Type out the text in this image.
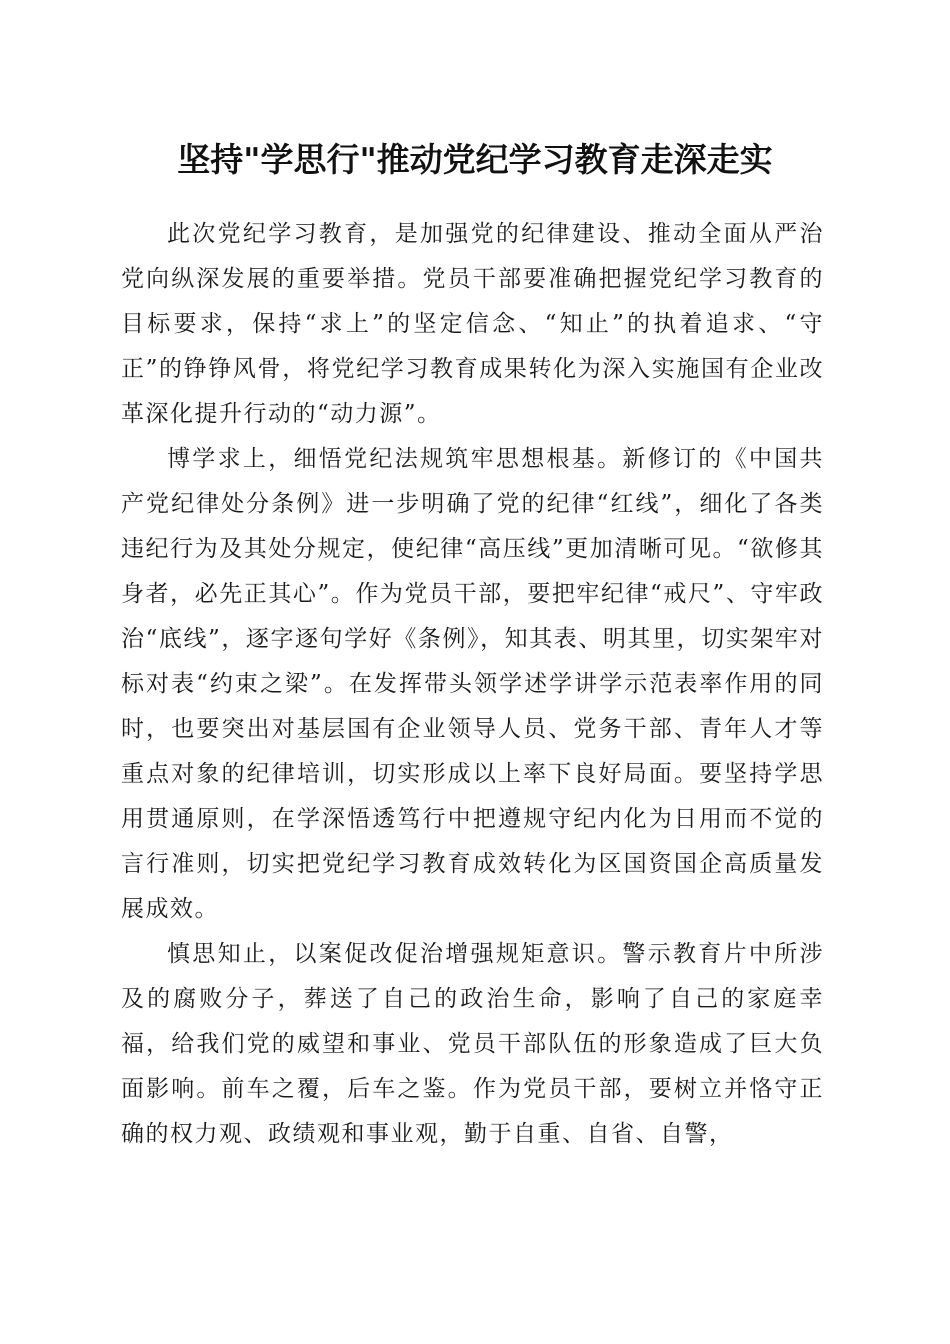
坚持"学思行"推动党纪学习教育走深走实

此次党纪学习教育，是加强党的纪律建设、推动全面从严治党向纵深发展的重要举措。党员干部要准确把握党纪学习教育的目标要求，保持“求上”的坚定信念、“知止”的执着追求、“守正”的铮铮风骨，将党纪学习教育成果转化为深入实施国有企业改革深化提升行动的“动力源”。

博学求上，细悟党纪法规筑牢思想根基。新修订的《中国共产党纪律处分条例》进一步明确了党的纪律“红线”，细化了各类违纪行为及其处分规定，使纪律“高压线”更加清晰可见。“欲修其身者，必先正其心”。作为党员干部，要把牢纪律“戒尺”、守牢政治“底线”，逐字逐句学好《条例》，知其表、明其里，切实架牢对标对表“约束之梁”。在发挥带头领学述学讲学示范表率作用的同时，也要突出对基层国有企业领导人员、党务干部、青年人才等重点对象的纪律培训，切实形成以上率下良好局面。要坚持学思用贯通原则，在学深悟透笃行中把遵规守纪内化为日用而不觉的言行准则，切实把党纪学习教育成效转化为区国资国企高质量发展成效。

慎思知止，以案促改促治增强规矩意识。警示教育片中所涉及的腐败分子，葬送了自己的政治生命，影响了自己的家庭幸福，给我们党的威望和事业、党员干部队伍的形象造成了巨大负面影响。前车之覆，后车之鉴。作为党员干部，要树立并恪守正确的权力观、政绩观和事业观，勤于自重、自省、自警，
